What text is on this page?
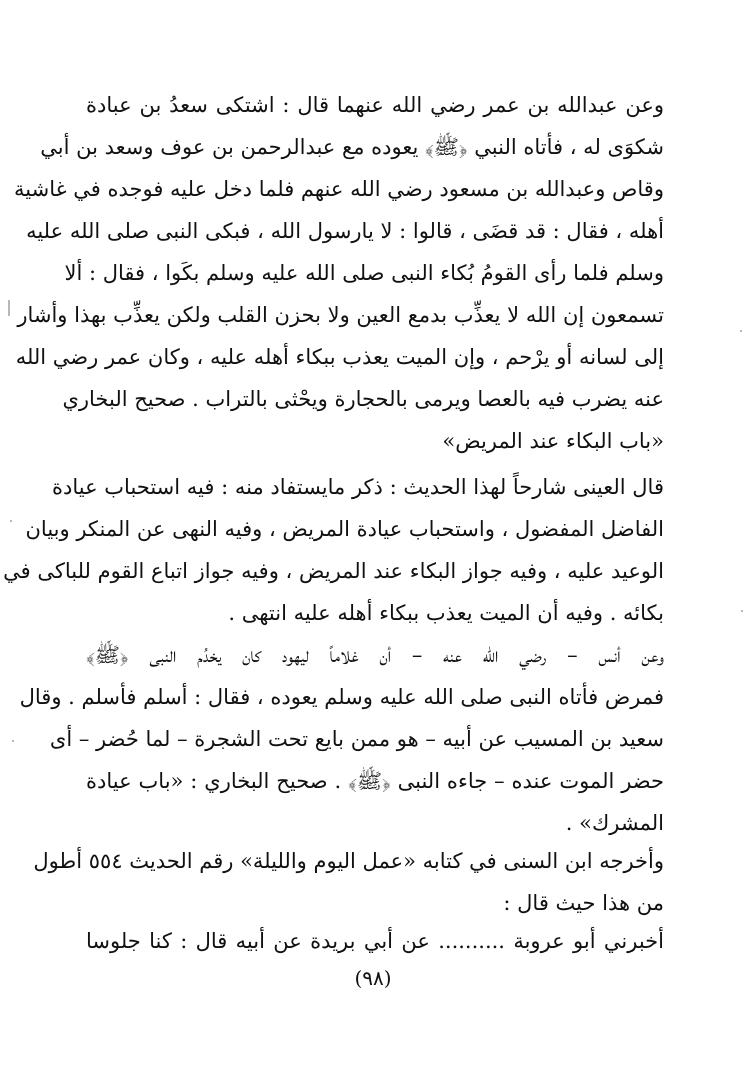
وعن عبدالله بن عمر رضي الله عنهما قال : اشتكى سعدُ بن عبادة
شكوَى له ، فأتاه النبي ﴿ﷺ﴾ يعوده مع عبدالرحمن بن عوف وسعد بن أبي
وقاص وعبدالله بن مسعود رضي الله عنهم فلما دخل عليه فوجده في غاشية
أهله ، فقال : قد قضَى ، قالوا : لا يارسول الله ، فبكى النبى صلى الله عليه
وسلم فلما رأى القومُ بُكاء النبى صلى الله عليه وسلم بكَوا ، فقال : ألا
تسمعون إن الله لا يعذِّب بدمع العين ولا بحزن القلب ولكن يعذِّب بهذا وأشار
إلى لسانه أو يرْحم ، وإن الميت يعذب ببكاء أهله عليه ، وكان عمر رضي الله
عنه يضرب فيه بالعصا ويرمى بالحجارة ويحْثى بالتراب . صحيح البخاري
«باب البكاء عند المريض»
قال العينى شارحاً لهذا الحديث : ذكر مايستفاد منه : فيه استحباب عيادة
الفاضل المفضول ، واستحباب عيادة المريض ، وفيه النهى عن المنكر وبيان
الوعيد عليه ، وفيه جواز البكاء عند المريض ، وفيه جواز اتباع القوم للباكى في
بكائه . وفيه أن الميت يعذب ببكاء أهله عليه انتهى .
وعن أنس – رضي الله عنه – أن غلاماً ليهود كان يخدُم النبى ﴿ﷺ﴾
فمرض فأتاه النبى صلى الله عليه وسلم يعوده ، فقال : أسلم فأسلم . وقال
سعيد بن المسيب عن أبيه – هو ممن بايع تحت الشجرة – لما حُضر – أى
حضر الموت عنده – جاءه النبى ﴿ﷺ﴾ . صحيح البخاري : «باب عيادة
المشرك» .
وأخرجه ابن السنى في كتابه «عمل اليوم والليلة» رقم الحديث ٥٥٤ أطول
من هذا حيث قال :
أخبرني أبو عروبة .......... عن أبي بريدة عن أبيه قال : كنا جلوسا
(٩٨)
